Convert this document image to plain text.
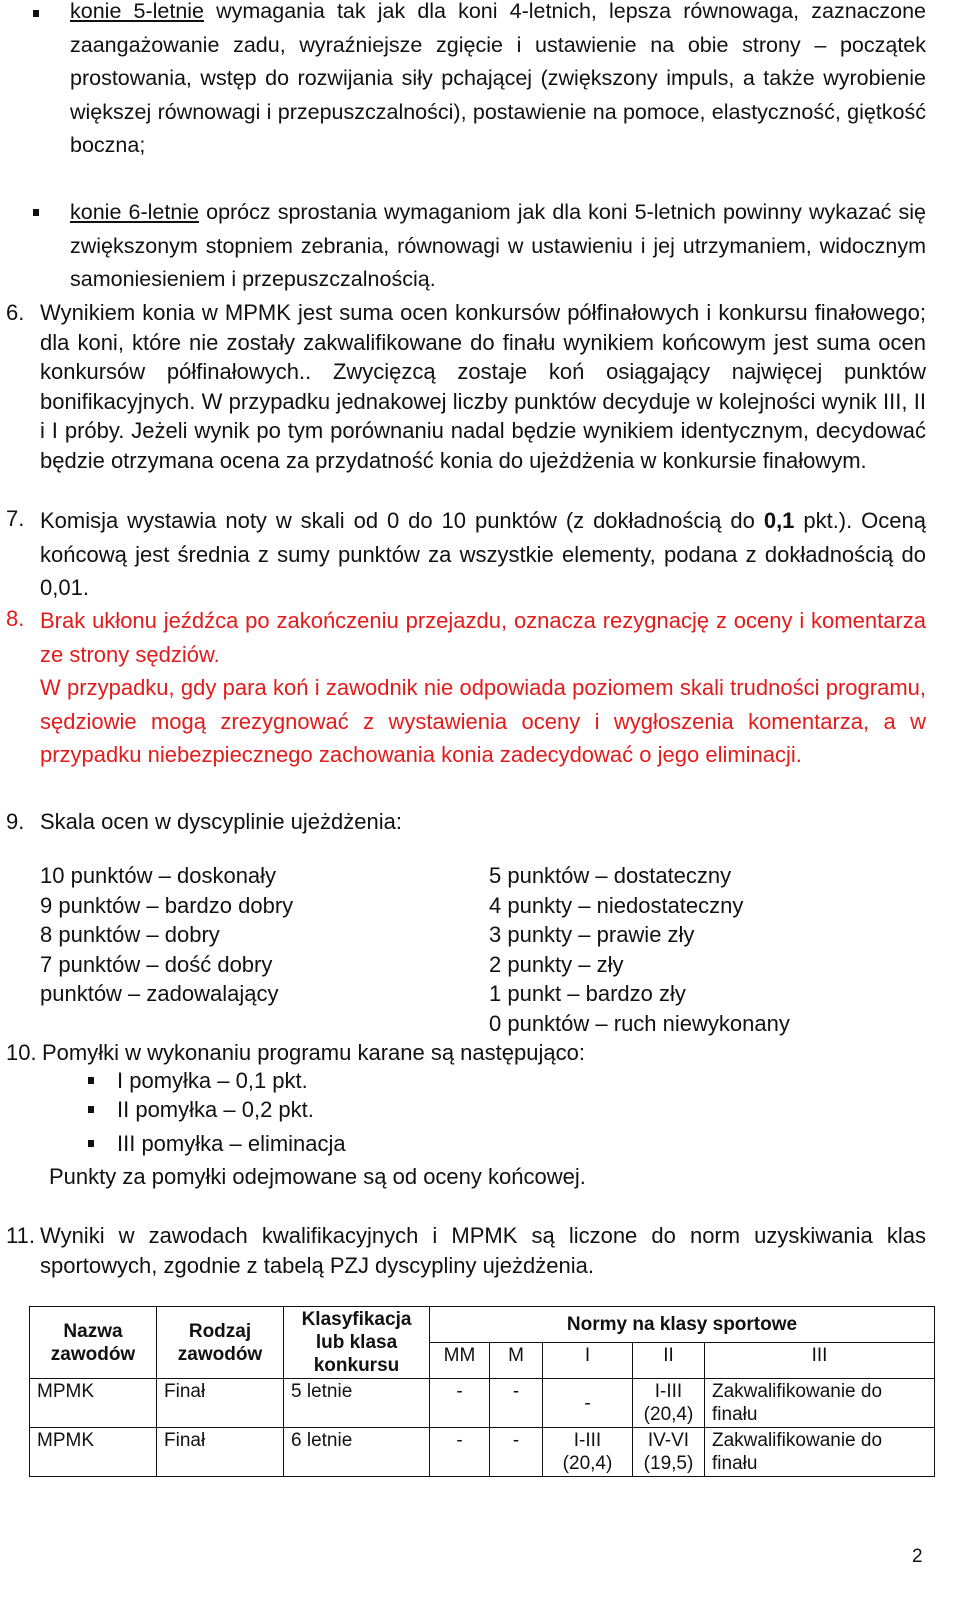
konie 5-letnie wymagania tak jak dla koni 4-letnich, lepsza równowaga, zaznaczone zaangażowanie zadu, wyraźniejsze zgięcie i ustawienie na obie strony – początek prostowania, wstęp do rozwijania siły pchającej (zwiększony impuls, a także wyrobienie większej równowagi i przepuszczalności), postawienie na pomoce, elastyczność, giętkość boczna;
konie 6-letnie oprócz sprostania wymaganiom jak dla koni 5-letnich powinny wykazać się zwiększonym stopniem zebrania, równowagi w ustawieniu i jej utrzymaniem, widocznym samoniesieniem i przepuszczalnością.
6. Wynikiem konia w MPMK jest suma ocen konkursów półfinałowych i konkursu finałowego; dla koni, które nie zostały zakwalifikowane do finału wynikiem końcowym jest suma ocen konkursów półfinałowych.. Zwycięzcą zostaje koń osiągający najwięcej punktów bonifikacyjnych. W przypadku jednakowej liczby punktów decyduje w kolejności wynik III, II i I próby. Jeżeli wynik po tym porównaniu nadal będzie wynikiem identycznym, decydować będzie otrzymana ocena za przydatność konia do ujeżdżenia w konkursie finałowym.
7. Komisja wystawia noty w skali od 0 do 10 punktów (z dokładnością do 0,1 pkt.). Oceną końcową jest średnia z sumy punktów za wszystkie elementy, podana z dokładnością do 0,01.
8. Brak ukłonu jeźdźca po zakończeniu przejazdu, oznacza rezygnację z oceny i komentarza ze strony sędziów.
W przypadku, gdy para koń i zawodnik nie odpowiada poziomem skali trudności programu, sędziowie mogą zrezygnować z wystawienia oceny i wygłoszenia komentarza, a w przypadku niebezpiecznego zachowania konia zadecydować o jego eliminacji.
9. Skala ocen w dyscyplinie ujeżdżenia:
10 punktów – doskonały
9 punktów – bardzo dobry
8 punktów – dobry
7 punktów – dość dobry
punktów – zadowalający
5 punktów – dostateczny
4 punkty – niedostateczny
3 punkty – prawie zły
2 punkty – zły
1 punkt – bardzo zły
0 punktów – ruch niewykonany
10. Pomyłki w wykonaniu programu karane są następująco:
I pomyłka – 0,1 pkt.
II pomyłka – 0,2 pkt.
III pomyłka – eliminacja
Punkty za pomyłki odejmowane są od oceny końcowej.
11. Wyniki w zawodach kwalifikacyjnych i MPMK są liczone do norm uzyskiwania klas sportowych, zgodnie z tabelą PZJ dyscypliny ujeżdżenia.
Nazwa zawodów	Rodzaj zawodów	Klasyfikacja lub klasa konkursu	Normy na klasy sportowe				
			MM	M	I	II	III
MPMK	Finał	5 letnie	-	-	-	I-III (20,4)	Zakwalifikowanie do finału
MPMK	Finał	6 letnie	-	-	I-III (20,4)	IV-VI (19,5)	Zakwalifikowanie do finału
2
